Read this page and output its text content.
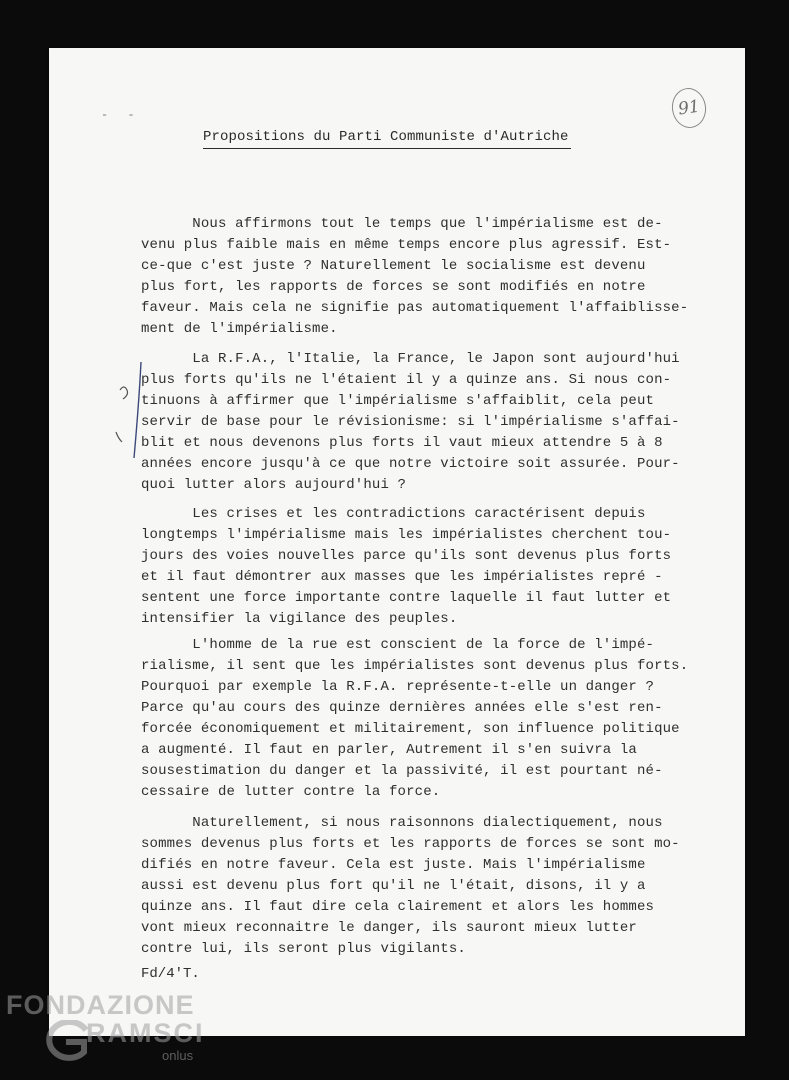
- -	91
Propositions du Parti Communiste d'Autriche
Nous affirmons tout le temps que l'impérialisme est de-
venu plus faible mais en même temps encore plus agressif. Est-
ce-que c'est juste ? Naturellement le socialisme est devenu
plus fort, les rapports de forces se sont modifiés en notre
faveur. Mais cela ne signifie pas automatiquement l'affaiblisse-
ment de l'impérialisme.
La R.F.A., l'Italie, la France, le Japon sont aujourd'hui
plus forts qu'ils ne l'étaient il y a quinze ans. Si nous con-
tinuons à affirmer que l'impérialisme s'affaiblit, cela peut
servir de base pour le révisionisme: si l'impérialisme s'affai-
blit et nous devenons plus forts il vaut mieux attendre 5 à 8
années encore jusqu'à ce que notre victoire soit assurée. Pour-
quoi lutter alors aujourd'hui ?
Les crises et les contradictions caractérisent depuis
longtemps l'impérialisme mais les impérialistes cherchent tou-
jours des voies nouvelles parce qu'ils sont devenus plus forts
et il faut démontrer aux masses que les impérialistes repré -
sentent une force importante contre laquelle il faut lutter et
intensifier la vigilance des peuples.
L'homme de la rue est conscient de la force de l'impé-
rialisme, il sent que les impérialistes sont devenus plus forts.
Pourquoi par exemple la R.F.A. représente-t-elle un danger ?
Parce qu'au cours des quinze dernières années elle s'est ren-
forcée économiquement et militairement, son influence politique
a augmenté. Il faut en parler, Autrement il s'en suivra la
sousestimation du danger et la passivité, il est pourtant né-
cessaire de lutter contre la force.
Naturellement, si nous raisonnons dialectiquement, nous
sommes devenus plus forts et les rapports de forces se sont mo-
difiés en notre faveur. Cela est juste. Mais l'impérialisme
aussi est devenu plus fort qu'il ne l'était, disons, il y a
quinze ans. Il faut dire cela clairement et alors les hommes
vont mieux reconnaitre le danger, ils sauront mieux lutter
contre lui, ils seront plus vigilants.
Fd/4'T.
FONDAZIONE
RAMSCI
onlus
